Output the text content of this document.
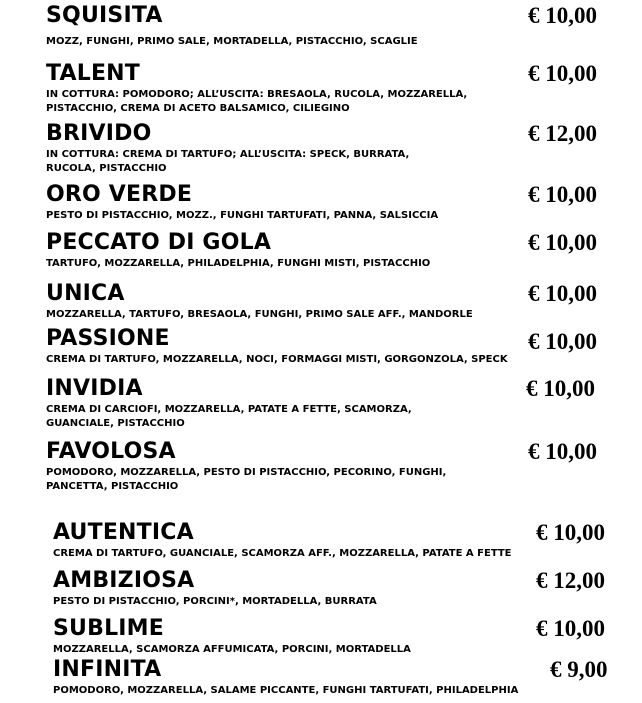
SQUISITA	€ 10,00
MOZZ, FUNGHI, PRIMO SALE, MORTADELLA, PISTACCHIO, SCAGLIE
TALENT	€ 10,00
IN COTTURA: POMODORO; ALL’USCITA: BRESAOLA, RUCOLA, MOZZARELLA,
PISTACCHIO, CREMA DI ACETO BALSAMICO, CILIEGINO
BRIVIDO	€ 12,00
IN COTTURA: CREMA DI TARTUFO; ALL’USCITA: SPECK, BURRATA,
RUCOLA, PISTACCHIO
ORO VERDE	€ 10,00
PESTO DI PISTACCHIO, MOZZ., FUNGHI TARTUFATI, PANNA, SALSICCIA
PECCATO DI GOLA	€ 10,00
TARTUFO, MOZZARELLA, PHILADELPHIA, FUNGHI MISTI, PISTACCHIO
UNICA	€ 10,00
MOZZARELLA, TARTUFO, BRESAOLA, FUNGHI, PRIMO SALE AFF., MANDORLE
PASSIONE	€ 10,00
CREMA DI TARTUFO, MOZZARELLA, NOCI, FORMAGGI MISTI, GORGONZOLA, SPECK
INVIDIA	€ 10,00
CREMA DI CARCIOFI, MOZZARELLA, PATATE A FETTE, SCAMORZA,
GUANCIALE, PISTACCHIO
FAVOLOSA	€ 10,00
POMODORO, MOZZARELLA, PESTO DI PISTACCHIO, PECORINO, FUNGHI,
PANCETTA, PISTACCHIO
AUTENTICA	€ 10,00
CREMA DI TARTUFO, GUANCIALE, SCAMORZA AFF., MOZZARELLA, PATATE A FETTE
AMBIZIOSA	€ 12,00
PESTO DI PISTACCHIO, PORCINI*, MORTADELLA, BURRATA
SUBLIME	€ 10,00
MOZZARELLA, SCAMORZA AFFUMICATA, PORCINI, MORTADELLA
INFINITA	€ 9,00
POMODORO, MOZZARELLA, SALAME PICCANTE, FUNGHI TARTUFATI, PHILADELPHIA
